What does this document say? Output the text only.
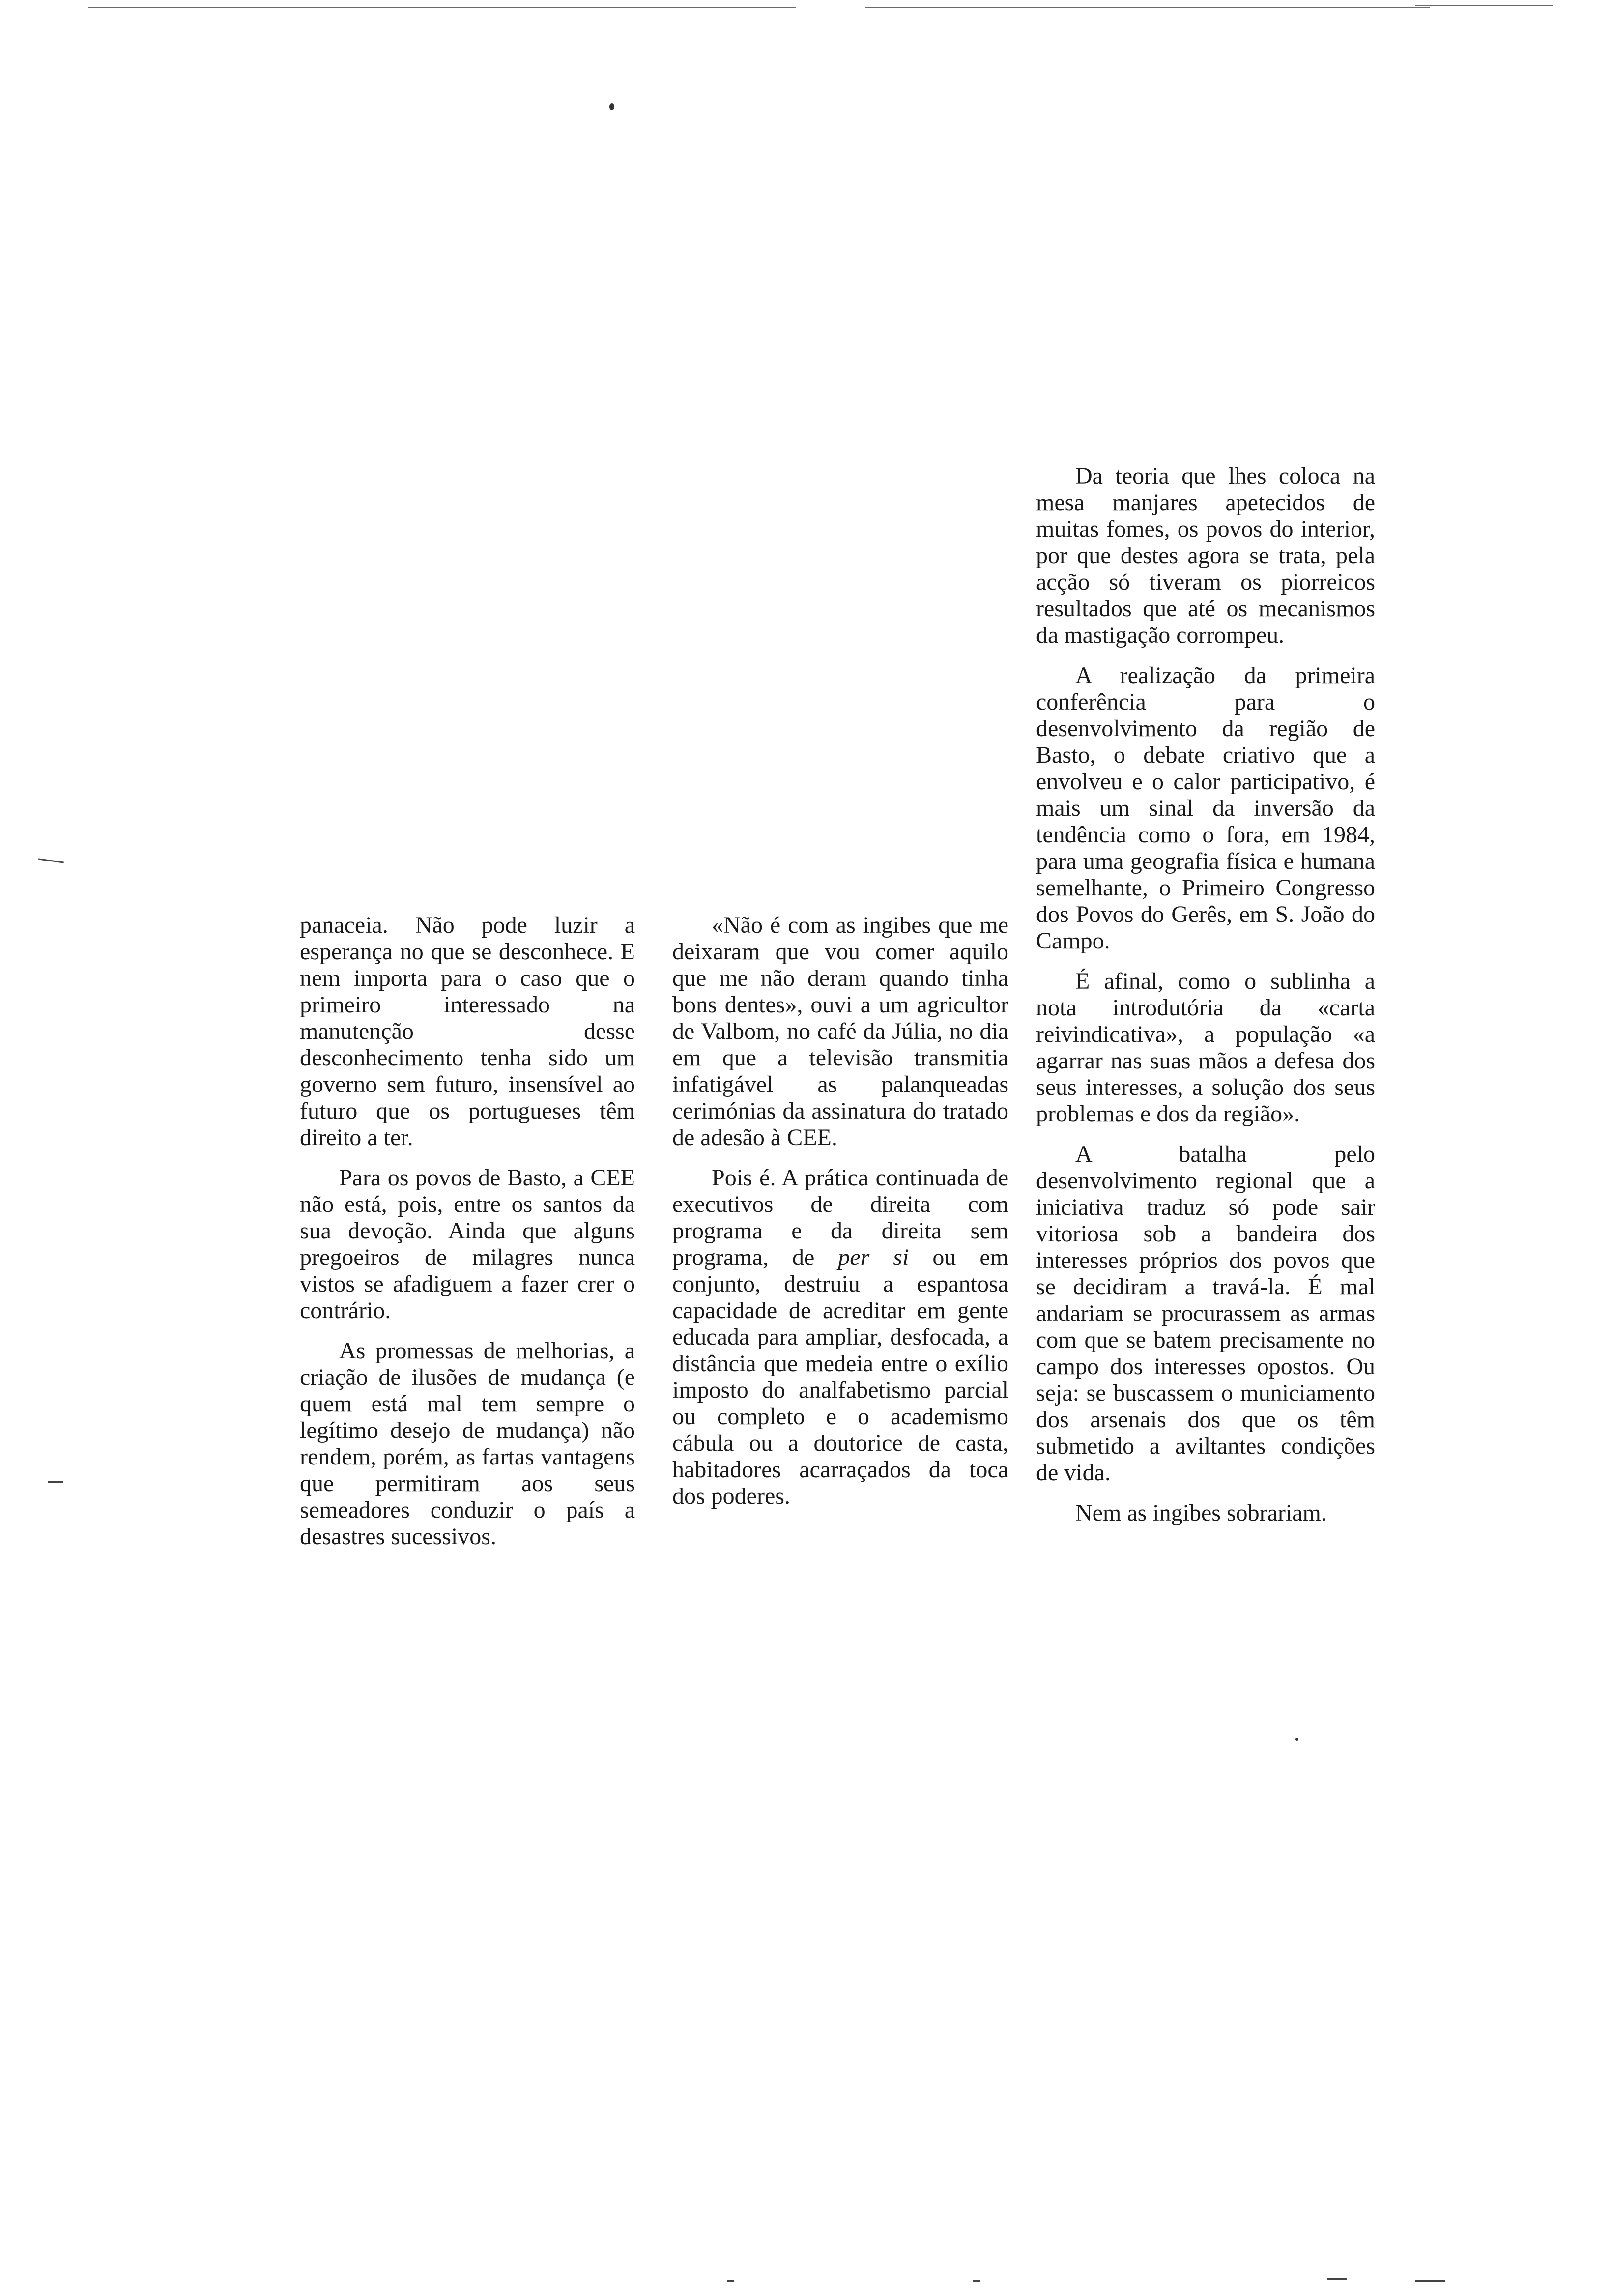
panaceia. Não pode luzir a esperança no que se desconhece. E nem importa para o caso que o primeiro interessado na manutenção desse desconhecimento tenha sido um governo sem futuro, insensível ao futuro que os portugueses têm direito a ter.

Para os povos de Basto, a CEE não está, pois, entre os santos da sua devoção. Ainda que alguns pregoeiros de milagres nunca vistos se afadiguem a fazer crer o contrário.

As promessas de melhorias, a criação de ilusões de mudança (e quem está mal tem sempre o legítimo desejo de mudança) não rendem, porém, as fartas vantagens que permitiram aos seus semeadores conduzir o país a desastres sucessivos.

«Não é com as ingibes que me deixaram que vou comer aquilo que me não deram quando tinha bons dentes», ouvi a um agricultor de Valbom, no café da Júlia, no dia em que a televisão transmitia infatigável as palanqueadas cerimónias da assinatura do tratado de adesão à CEE.

Pois é. A prática continuada de executivos de direita com programa e da direita sem programa, de per si ou em conjunto, destruiu a espantosa capacidade de acreditar em gente educada para ampliar, desfocada, a distância que medeia entre o exílio imposto do analfabetismo parcial ou completo e o academismo cábula ou a doutorice de casta, habitadores acarraçados da toca dos poderes.

Da teoria que lhes coloca na mesa manjares apetecidos de muitas fomes, os povos do interior, por que destes agora se trata, pela acção só tiveram os piorreicos resultados que até os mecanismos da mastigação corrompeu.

A realização da primeira conferência para o desenvolvimento da região de Basto, o debate criativo que a envolveu e o calor participativo, é mais um sinal da inversão da tendência como o fora, em 1984, para uma geografia física e humana semelhante, o Primeiro Congresso dos Povos do Gerês, em S. João do Campo.

É afinal, como o sublinha a nota introdutória da «carta reivindicativa», a população «a agarrar nas suas mãos a defesa dos seus interesses, a solução dos seus problemas e dos da região».

A batalha pelo desenvolvimento regional que a iniciativa traduz só pode sair vitoriosa sob a bandeira dos interesses próprios dos povos que se decidiram a travá-la. É mal andariam se procurassem as armas com que se batem precisamente no campo dos interesses opostos. Ou seja: se buscassem o municiamento dos arsenais dos que os têm submetido a aviltantes condições de vida.

Nem as ingibes sobrariam.
